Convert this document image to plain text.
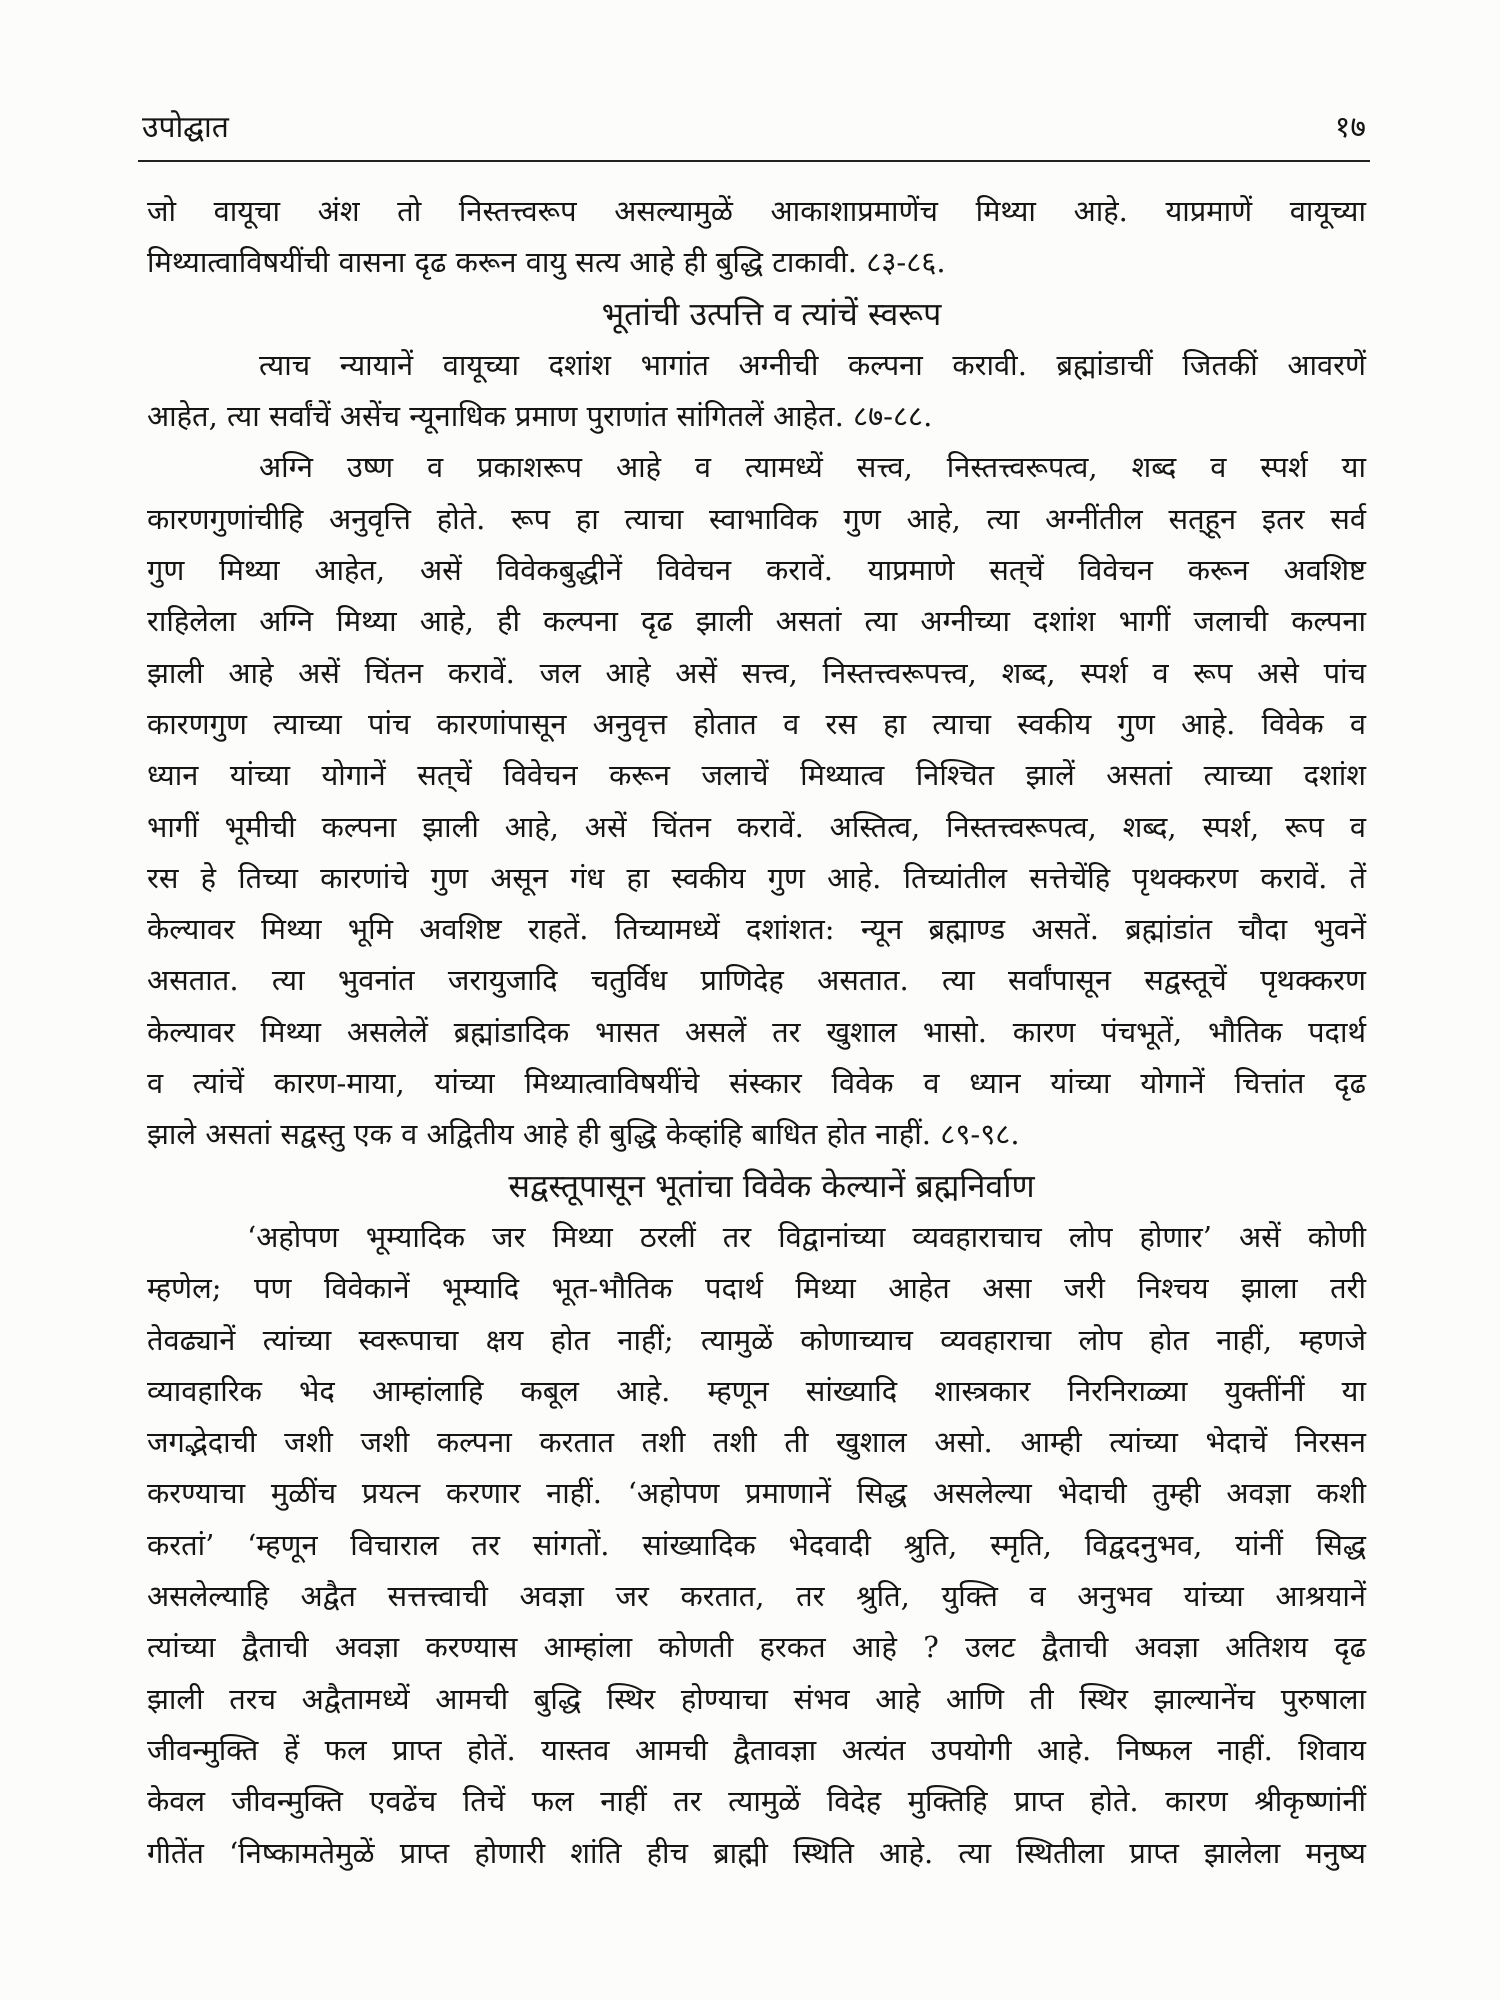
उपोद्घात	१७
जो वायूचा अंश तो निस्तत्त्वरूप असल्यामुळें आकाशाप्रमाणेंच मिथ्या आहे. याप्रमाणें वायूच्या
मिथ्यात्वाविषयींची वासना दृढ करून वायु सत्य आहे ही बुद्धि टाकावी. ८३-८६.
भूतांची उत्पत्ति व त्यांचें स्वरूप
त्याच न्यायानें वायूच्या दशांश भागांत अग्नीची कल्पना करावी. ब्रह्मांडाचीं जितकीं आवरणें
आहेत, त्या सर्वांचें असेंच न्यूनाधिक प्रमाण पुराणांत सांगितलें आहेत. ८७-८८.
अग्नि उष्ण व प्रकाशरूप आहे व त्यामध्यें सत्त्व, निस्तत्त्वरूपत्व, शब्द व स्पर्श या
कारणगुणांचीहि अनुवृत्ति होते. रूप हा त्याचा स्वाभाविक गुण आहे, त्या अग्नींतील सत्‌हून इतर सर्व
गुण मिथ्या आहेत, असें विवेकबुद्धीनें विवेचन करावें. याप्रमाणे सत्‌चें विवेचन करून अवशिष्ट
राहिलेला अग्नि मिथ्या आहे, ही कल्पना दृढ झाली असतां त्या अग्नीच्या दशांश भागीं जलाची कल्पना
झाली आहे असें चिंतन करावें. जल आहे असें सत्त्व, निस्तत्त्वरूपत्त्व, शब्द, स्पर्श व रूप असे पांच
कारणगुण त्याच्या पांच कारणांपासून अनुवृत्त होतात व रस हा त्याचा स्वकीय गुण आहे. विवेक व
ध्यान यांच्या योगानें सत्‌चें विवेचन करून जलाचें मिथ्यात्व निश्चित झालें असतां त्याच्या दशांश
भागीं भूमीची कल्पना झाली आहे, असें चिंतन करावें. अस्तित्व, निस्तत्त्वरूपत्व, शब्द, स्पर्श, रूप व
रस हे तिच्या कारणांचे गुण असून गंध हा स्वकीय गुण आहे. तिच्यांतील सत्तेचेंहि पृथक्करण करावें. तें
केल्यावर मिथ्या भूमि अवशिष्ट राहतें. तिच्यामध्यें दशांशत: न्यून ब्रह्माण्ड असतें. ब्रह्मांडांत चौदा भुवनें
असतात. त्या भुवनांत जरायुजादि चतुर्विध प्राणिदेह असतात. त्या सर्वांपासून सद्वस्तूचें पृथक्करण
केल्यावर मिथ्या असलेलें ब्रह्मांडादिक भासत असलें तर खुशाल भासो. कारण पंचभूतें, भौतिक पदार्थ
व त्यांचें कारण-माया, यांच्या मिथ्यात्वाविषयींचे संस्कार विवेक व ध्यान यांच्या योगानें चित्तांत दृढ
झाले असतां सद्वस्तु एक व अद्वितीय आहे ही बुद्धि केव्हांहि बाधित होत नाहीं. ८९-९८.
सद्वस्तूपासून भूतांचा विवेक केल्यानें ब्रह्मनिर्वाण
‘अहोपण भूम्यादिक जर मिथ्या ठरलीं तर विद्वानांच्या व्यवहाराचाच लोप होणार’ असें कोणी
म्हणेल; पण विवेकानें भूम्यादि भूत-भौतिक पदार्थ मिथ्या आहेत असा जरी निश्चय झाला तरी
तेवढ्यानें त्यांच्या स्वरूपाचा क्षय होत नाहीं; त्यामुळें कोणाच्याच व्यवहाराचा लोप होत नाहीं, म्हणजे
व्यावहारिक भेद आम्हांलाहि कबूल आहे. म्हणून सांख्यादि शास्त्रकार निरनिराळ्या युक्तींनीं या
जगद्भेदाची जशी जशी कल्पना करतात तशी तशी ती खुशाल असो. आम्ही त्यांच्या भेदाचें निरसन
करण्याचा मुळींच प्रयत्न करणार नाहीं. ‘अहोपण प्रमाणानें सिद्ध असलेल्या भेदाची तुम्ही अवज्ञा कशी
करतां’ ‘म्हणून विचाराल तर सांगतों. सांख्यादिक भेदवादी श्रुति, स्मृति, विद्वदनुभव, यांनीं सिद्ध
असलेल्याहि अद्वैत सत्तत्त्वाची अवज्ञा जर करतात, तर श्रुति, युक्ति व अनुभव यांच्या आश्रयानें
त्यांच्या द्वैताची अवज्ञा करण्यास आम्हांला कोणती हरकत आहे ? उलट द्वैताची अवज्ञा अतिशय दृढ
झाली तरच अद्वैतामध्यें आमची बुद्धि स्थिर होण्याचा संभव आहे आणि ती स्थिर झाल्यानेंच पुरुषाला
जीवन्मुक्ति हें फल प्राप्त होतें. यास्तव आमची द्वैतावज्ञा अत्यंत उपयोगी आहे. निष्फल नाहीं. शिवाय
केवल जीवन्मुक्ति एवढेंच तिचें फल नाहीं तर त्यामुळें विदेह मुक्तिहि प्राप्त होते. कारण श्रीकृष्णांनीं
गीतेंत ‘निष्कामतेमुळें प्राप्त होणारी शांति हीच ब्राह्मी स्थिति आहे. त्या स्थितीला प्राप्त झालेला मनुष्य
